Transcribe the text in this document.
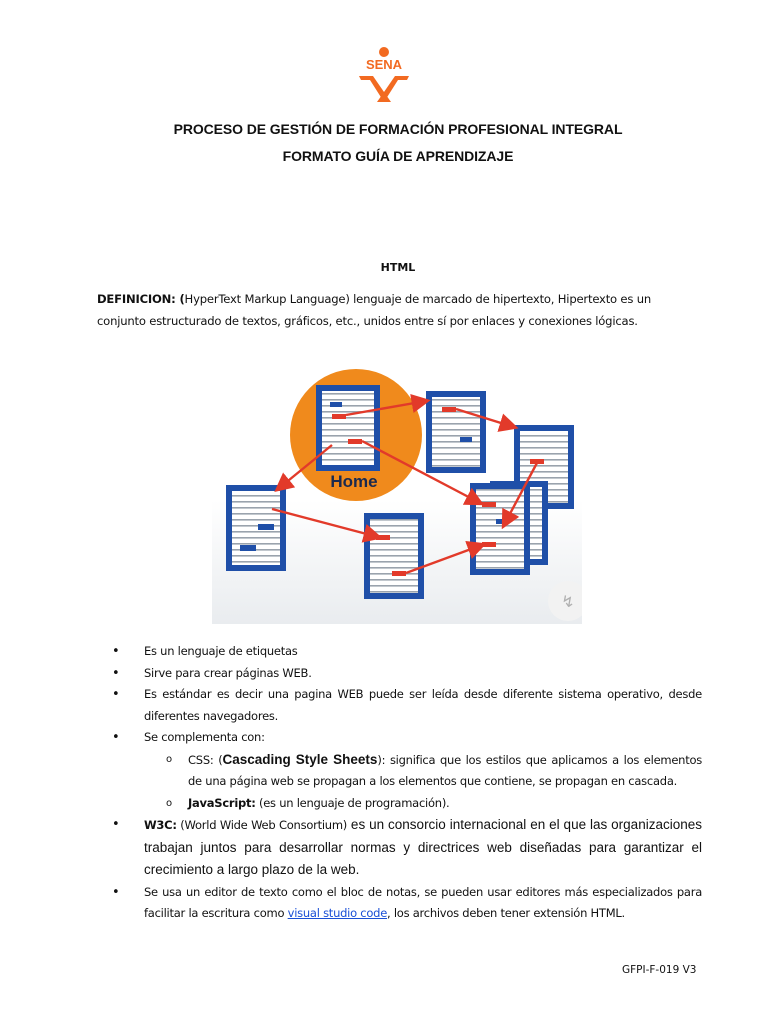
SENA
PROCESO DE GESTIÓN DE FORMACIÓN PROFESIONAL INTEGRAL
FORMATO GUÍA DE APRENDIZAJE
HTML
DEFINICION: (HyperText Markup Language) lenguaje de marcado de hipertexto, Hipertexto es un conjunto estructurado de textos, gráficos, etc., unidos entre sí por enlaces y conexiones lógicas.
Home
↯
• Es un lenguaje de etiquetas
• Sirve para crear páginas WEB.
• Es estándar es decir una pagina WEB puede ser leída desde diferente sistema operativo, desde diferentes navegadores.
• Se complementa con:
o CSS: (Cascading Style Sheets): significa que los estilos que aplicamos a los elementos de una página web se propagan a los elementos que contiene, se propagan en cascada.
o JavaScript: (es un lenguaje de programación).
• W3C: (World Wide Web Consortium) es un consorcio internacional en el que las organizaciones trabajan juntos para desarrollar normas y directrices web diseñadas para garantizar el crecimiento a largo plazo de la web.
• Se usa un editor de texto como el bloc de notas, se pueden usar editores más especializados para facilitar la escritura como visual studio code, los archivos deben tener extensión HTML.
GFPI-F-019 V3
